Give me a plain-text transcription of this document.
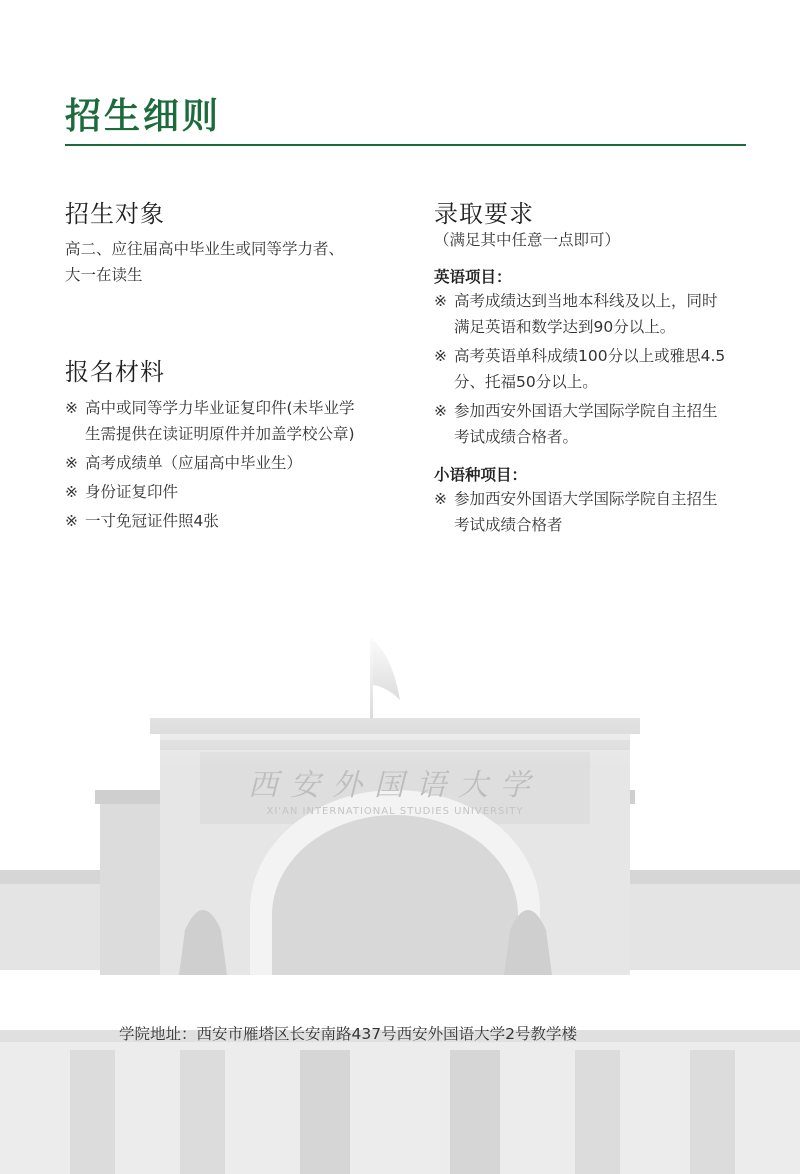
西安外国语大学
XI'AN INTERNATIONAL STUDIES UNIVERSITY
招生细则
招生对象
高二、应往届高中毕业生或同等学力者、
大一在读生
报名材料
※ 高中或同等学力毕业证复印件(未毕业学
生需提供在读证明原件并加盖学校公章)
※ 高考成绩单（应届高中毕业生）
※ 身份证复印件
※ 一寸免冠证件照4张
录取要求
（满足其中任意一点即可）
英语项目：
※ 高考成绩达到当地本科线及以上，同时
满足英语和数学达到90分以上。
※ 高考英语单科成绩100分以上或雅思4.5
分、托福50分以上。
※ 参加西安外国语大学国际学院自主招生
考试成绩合格者。
小语种项目：
※ 参加西安外国语大学国际学院自主招生
考试成绩合格者
学院地址：西安市雁塔区长安南路437号西安外国语大学2号教学楼
